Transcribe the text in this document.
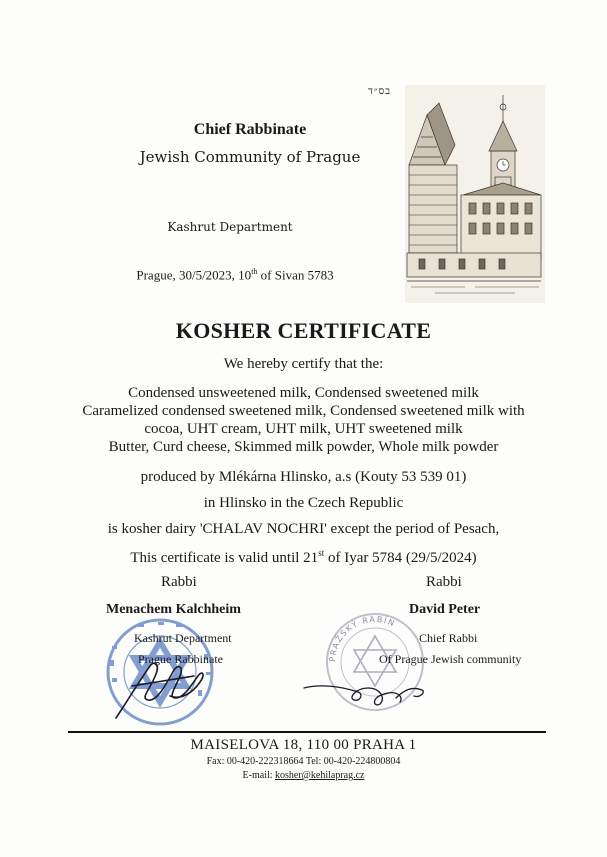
בס״ד
Chief Rabbinate
Jewish Community of Prague
Kashrut Department
Prague, 30/5/2023, 10th of Sivan 5783
KOSHER CERTIFICATE
We hereby certify that the:
Condensed unsweetened milk, Condensed sweetened milk
Caramelized condensed sweetened milk, Condensed sweetened milk with
cocoa, UHT cream, UHT milk, UHT sweetened milk
Butter, Curd cheese, Skimmed milk powder, Whole milk powder
produced by Mlékárna Hlinsko, a.s (Kouty 53 539 01)
in Hlinsko in the Czech Republic
is kosher dairy 'CHALAV NOCHRI' except the period of Pesach,
This certificate is valid until 21st of Iyar 5784 (29/5/2024)
Rabbi	Rabbi
Menachem Kalchheim
Kashrut Department
Prague Rabbinate	PRAŽSKÝ RABÍN
David Peter
Chief Rabbi
Of Prague Jewish community
MAISELOVA 18, 110 00 PRAHA 1
Fax: 00-420-222318664 Tel: 00-420-224800804
E-mail: kosher@kehilaprag.cz
